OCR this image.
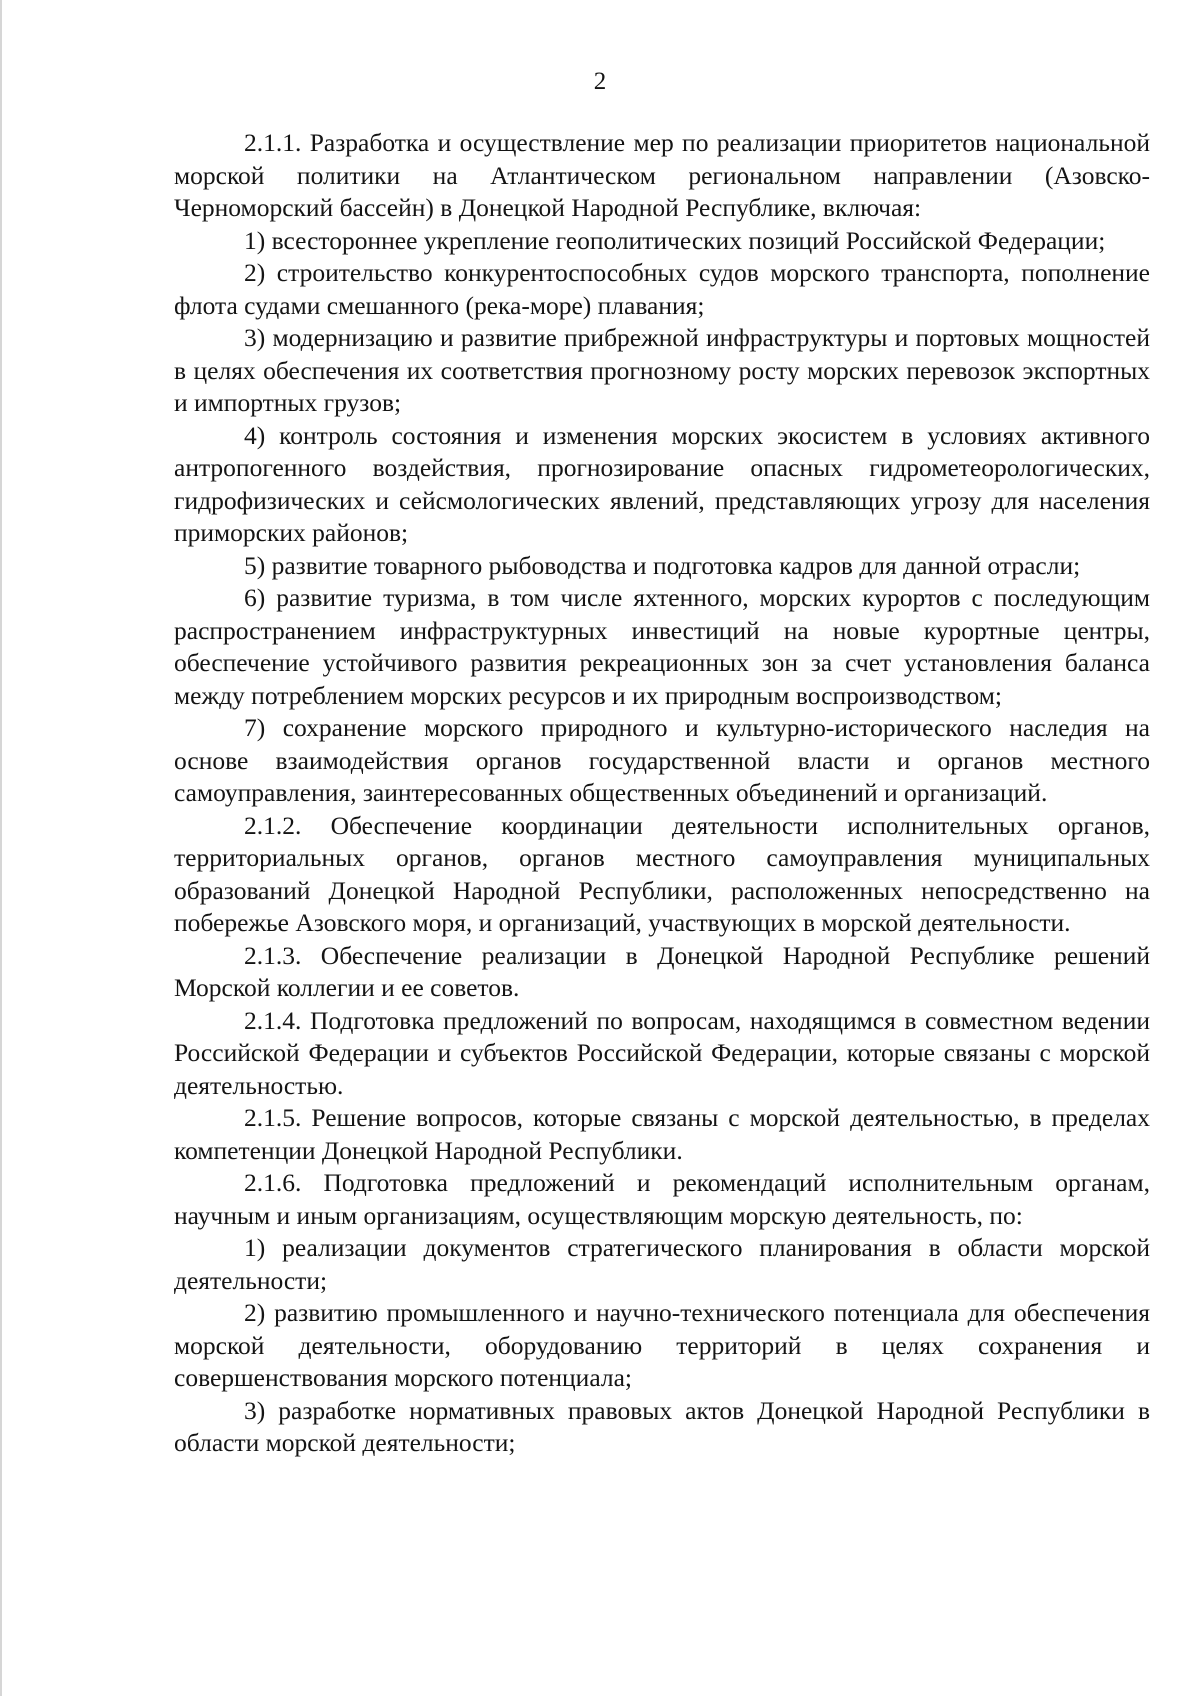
2

2.1.1. Разработка и осуществление мер по реализации приоритетов национальной морской политики на Атлантическом региональном направлении (Азовско-Черноморский бассейн) в Донецкой Народной Республике, включая:

1) всестороннее укрепление геополитических позиций Российской Федерации;

2) строительство конкурентоспособных судов морского транспорта, пополнение флота судами смешанного (река-море) плавания;

3) модернизацию и развитие прибрежной инфраструктуры и портовых мощностей в целях обеспечения их соответствия прогнозному росту морских перевозок экспортных и импортных грузов;

4) контроль состояния и изменения морских экосистем в условиях активного антропогенного воздействия, прогнозирование опасных гидрометеорологических, гидрофизических и сейсмологических явлений, представляющих угрозу для населения приморских районов;

5) развитие товарного рыбоводства и подготовка кадров для данной отрасли;

6) развитие туризма, в том числе яхтенного, морских курортов с последующим распространением инфраструктурных инвестиций на новые курортные центры, обеспечение устойчивого развития рекреационных зон за счет установления баланса между потреблением морских ресурсов и их природным воспроизводством;

7) сохранение морского природного и культурно-исторического наследия на основе взаимодействия органов государственной власти и органов местного самоуправления, заинтересованных общественных объединений и организаций.

2.1.2. Обеспечение координации деятельности исполнительных органов, территориальных органов, органов местного самоуправления муниципальных образований Донецкой Народной Республики, расположенных непосредственно на побережье Азовского моря, и организаций, участвующих в морской деятельности.

2.1.3. Обеспечение реализации в Донецкой Народной Республике решений Морской коллегии и ее советов.

2.1.4. Подготовка предложений по вопросам, находящимся в совместном ведении Российской Федерации и субъектов Российской Федерации, которые связаны с морской деятельностью.

2.1.5. Решение вопросов, которые связаны с морской деятельностью, в пределах компетенции Донецкой Народной Республики.

2.1.6. Подготовка предложений и рекомендаций исполнительным органам, научным и иным организациям, осуществляющим морскую деятельность, по:

1) реализации документов стратегического планирования в области морской деятельности;

2) развитию промышленного и научно-технического потенциала для обеспечения морской деятельности, оборудованию территорий в целях сохранения и совершенствования морского потенциала;

3) разработке нормативных правовых актов Донецкой Народной Республики в области морской деятельности;
